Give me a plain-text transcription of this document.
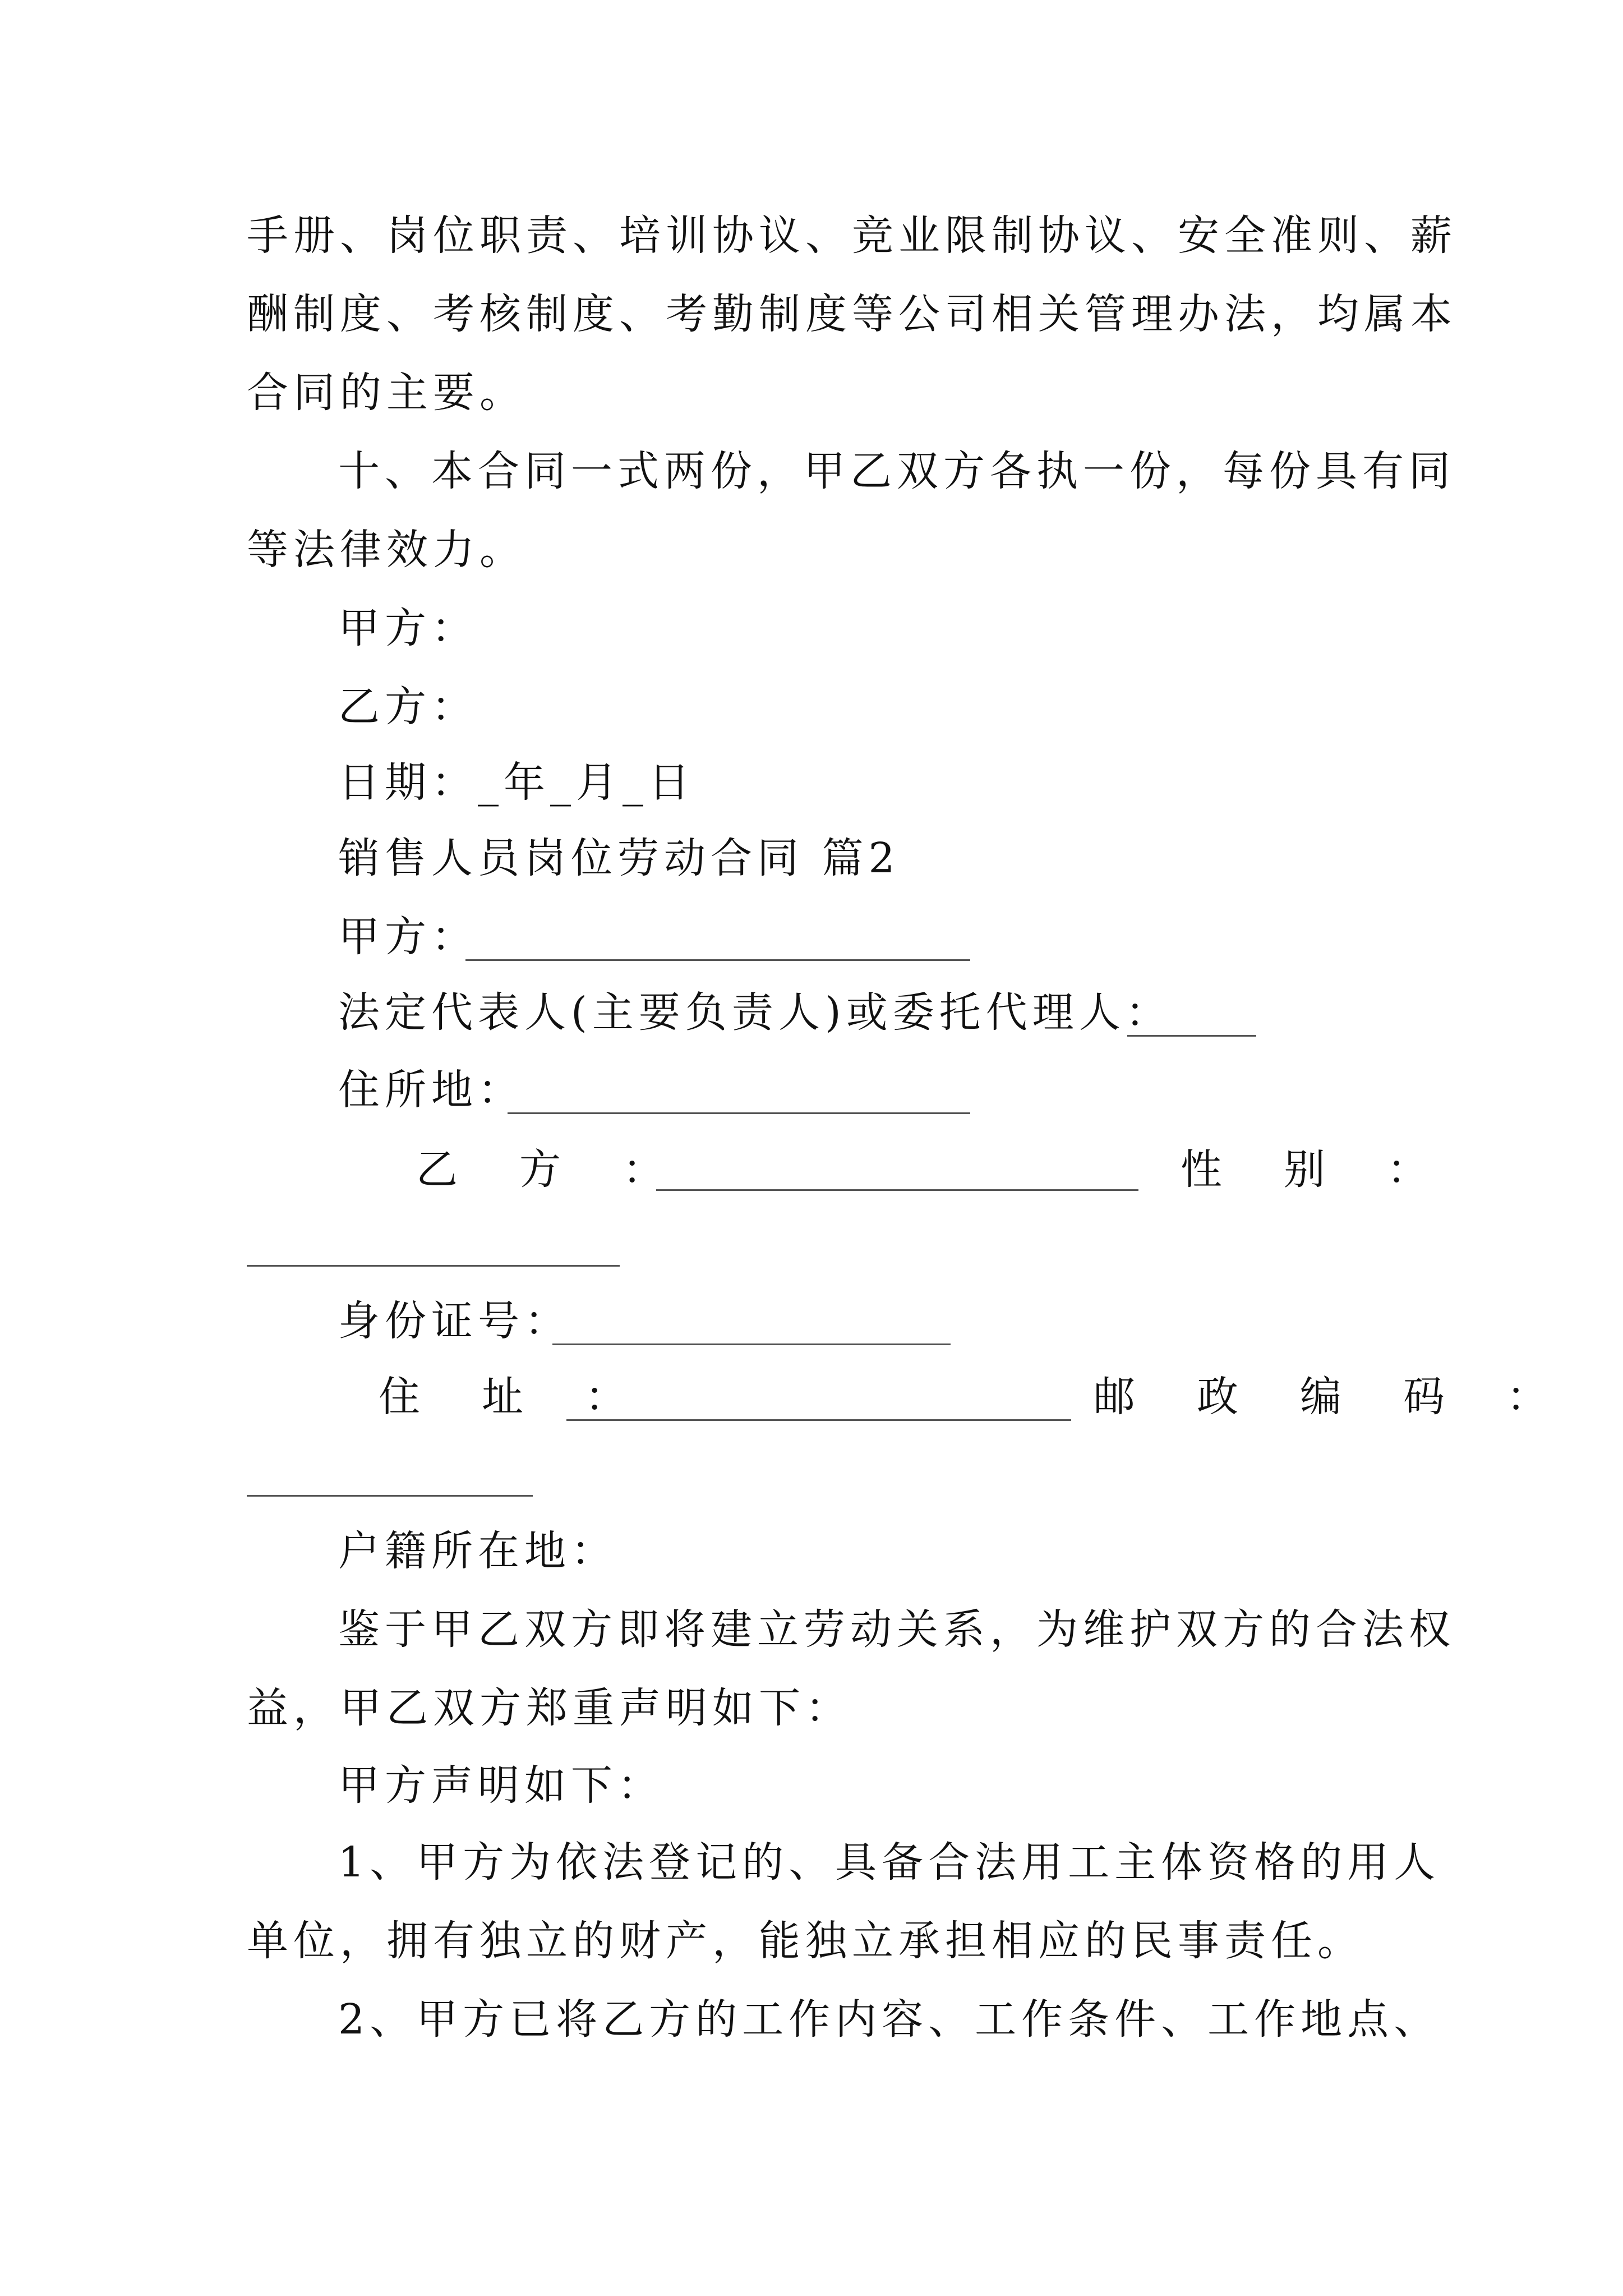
手册、岗位职责、培训协议、竞业限制协议、安全准则、薪
酬制度、考核制度、考勤制度等公司相关管理办法，均属本
合同的主要。
十、本合同一式两份，甲乙双方各执一份，每份具有同
等法律效力。
甲方：
乙方：
日期：_年_月_日
销售人员岗位劳动合同 篇2
甲方：
法定代表人(主要负责人)或委托代理人：
住所地：
乙　方　：	性　别　：
身份证号：
住　址　：	邮　政　编　码　：
户籍所在地：
鉴于甲乙双方即将建立劳动关系，为维护双方的合法权
益，甲乙双方郑重声明如下：
甲方声明如下：
1、甲方为依法登记的、具备合法用工主体资格的用人
单位，拥有独立的财产，能独立承担相应的民事责任。
2、甲方已将乙方的工作内容、工作条件、工作地点、
